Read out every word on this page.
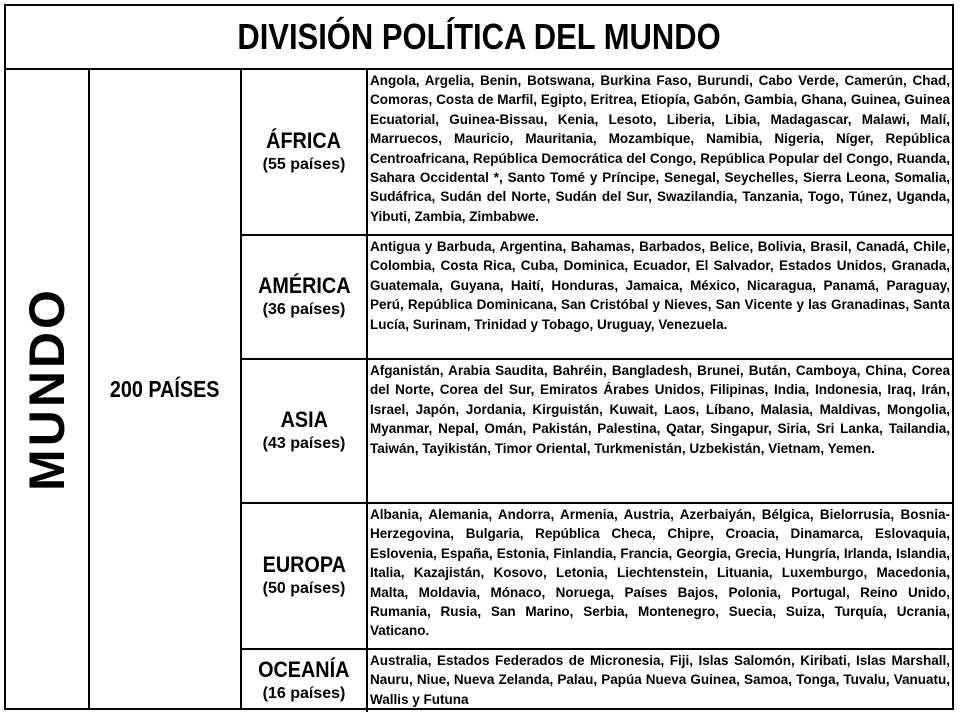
DIVISIÓN POLÍTICA DEL MUNDO
MUNDO 200 PAÍSES
ÁFRICA
(55 países)
Angola, Argelia, Benin, Botswana, Burkina Faso, Burundi, Cabo Verde, Camerún, Chad, Comoras, Costa de Marfil, Egipto, Eritrea, Etiopía, Gabón, Gambia, Ghana, Guinea, Guinea Ecuatorial, Guinea-Bissau, Kenia, Lesoto, Liberia, Libia, Madagascar, Malawi, Malí, Marruecos, Mauricio, Mauritania, Mozambique, Namibia, Nigeria, Níger, República Centroafricana, República Democrática del Congo, República Popular del Congo, Ruanda, Sahara Occidental *, Santo Tomé y Príncipe, Senegal, Seychelles, Sierra Leona, Somalia, Sudáfrica, Sudán del Norte, Sudán del Sur, Swazilandia, Tanzania, Togo, Túnez, Uganda, Yibuti, Zambia, Zimbabwe.
AMÉRICA
(36 países)
Antigua y Barbuda, Argentina, Bahamas, Barbados, Belice, Bolivia, Brasil, Canadá, Chile, Colombia, Costa Rica, Cuba, Dominica, Ecuador, El Salvador, Estados Unidos, Granada, Guatemala, Guyana, Haití, Honduras, Jamaica, México, Nicaragua, Panamá, Paraguay, Perú, República Dominicana, San Cristóbal y Nieves, San Vicente y las Granadinas, Santa Lucía, Surinam, Trinidad y Tobago, Uruguay, Venezuela.
ASIA
(43 países)
Afganistán, Arabia Saudita, Bahréin, Bangladesh, Brunei, Bután, Camboya, China, Corea del Norte, Corea del Sur, Emiratos Árabes Unidos, Filipinas, India, Indonesia, Iraq, Irán, Israel, Japón, Jordania, Kirguistán, Kuwait, Laos, Líbano, Malasia, Maldivas, Mongolia, Myanmar, Nepal, Omán, Pakistán, Palestina, Qatar, Singapur, Siria, Sri Lanka, Tailandia, Taiwán, Tayikistán, Timor Oriental, Turkmenistán, Uzbekistán, Vietnam, Yemen.
EUROPA
(50 países)
Albania, Alemania, Andorra, Armenia, Austria, Azerbaiyán, Bélgica, Bielorrusia, Bosnia-Herzegovina, Bulgaria, República Checa, Chipre, Croacia, Dinamarca, Eslovaquia, Eslovenia, España, Estonia, Finlandia, Francia, Georgia, Grecia, Hungría, Irlanda, Islandia, Italia, Kazajistán, Kosovo, Letonia, Liechtenstein, Lituania, Luxemburgo, Macedonia, Malta, Moldavia, Mónaco, Noruega, Países Bajos, Polonia, Portugal, Reino Unido, Rumania, Rusia, San Marino, Serbia, Montenegro, Suecia, Suiza, Turquía, Ucrania, Vaticano.
OCEANÍA
(16 países)
Australia, Estados Federados de Micronesia, Fiji, Islas Salomón, Kiribati, Islas Marshall, Nauru, Niue, Nueva Zelanda, Palau, Papúa Nueva Guinea, Samoa, Tonga, Tuvalu, Vanuatu, Wallis y Futuna
